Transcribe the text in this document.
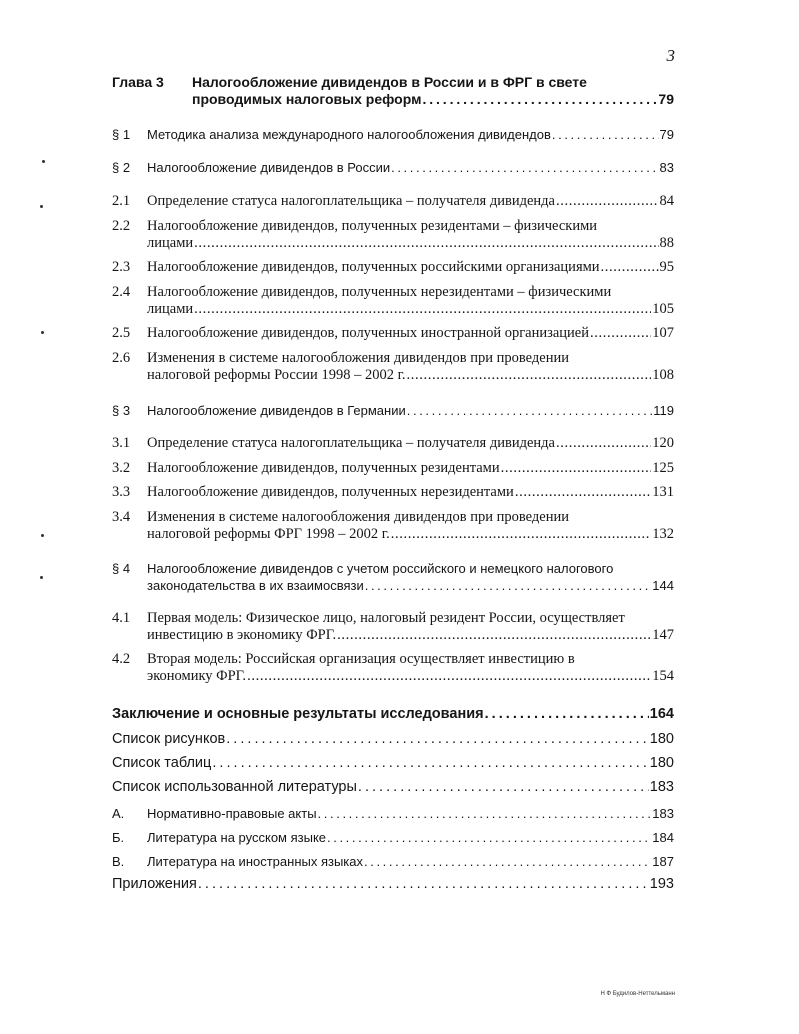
3
Глава 3	Налогообложение дивидендов в России и в ФРГ в свете
проводимых налоговых реформ . . .	79
§ 1	Методика анализа международного налогообложения дивидендов . . .	79
§ 2	Налогообложение дивидендов в России . . .	83
2.1	Определение статуса налогоплательщика – получателя дивиденда . . .	84
2.2	Налогообложение дивидендов, полученных резидентами – физическими
лицами . . .	88
2.3	Налогообложение дивидендов, полученных российскими организациями . . .	95
2.4	Налогообложение дивидендов, полученных нерезидентами – физическими
лицами . . .	105
2.5	Налогообложение дивидендов, полученных иностранной организацией . . .	107
2.6	Изменения в системе налогообложения дивидендов при проведении
налоговой реформы России 1998 – 2002 г. . . .	108
§ 3	Налогообложение дивидендов в Германии . . .	119
3.1	Определение статуса налогоплательщика – получателя дивиденда . . .	120
3.2	Налогообложение дивидендов, полученных резидентами . . .	125
3.3	Налогообложение дивидендов, полученных нерезидентами . . .	131
3.4	Изменения в системе налогообложения дивидендов при проведении
налоговой реформы ФРГ 1998 – 2002 г. . . .	132
§ 4	Налогообложение дивидендов с учетом российского и немецкого налогового
законодательства в их взаимосвязи . . .	144
4.1	Первая модель: Физическое лицо, налоговый резидент России, осуществляет
инвестицию в экономику ФРГ. . . .	147
4.2	Вторая модель: Российская организация осуществляет инвестицию в
экономику ФРГ. . . .	154
Заключение и основные результаты исследования . . .	164
Список рисунков . . .	180
Список таблиц . . .	180
Список использованной литературы . . .	183
А.	Нормативно-правовые акты . . .	183
Б.	Литература на русском языке . . .	184
В.	Литература на иностранных языках . . .	187
Приложения . . .	193
Н Ф Будилов-Неттельманн
